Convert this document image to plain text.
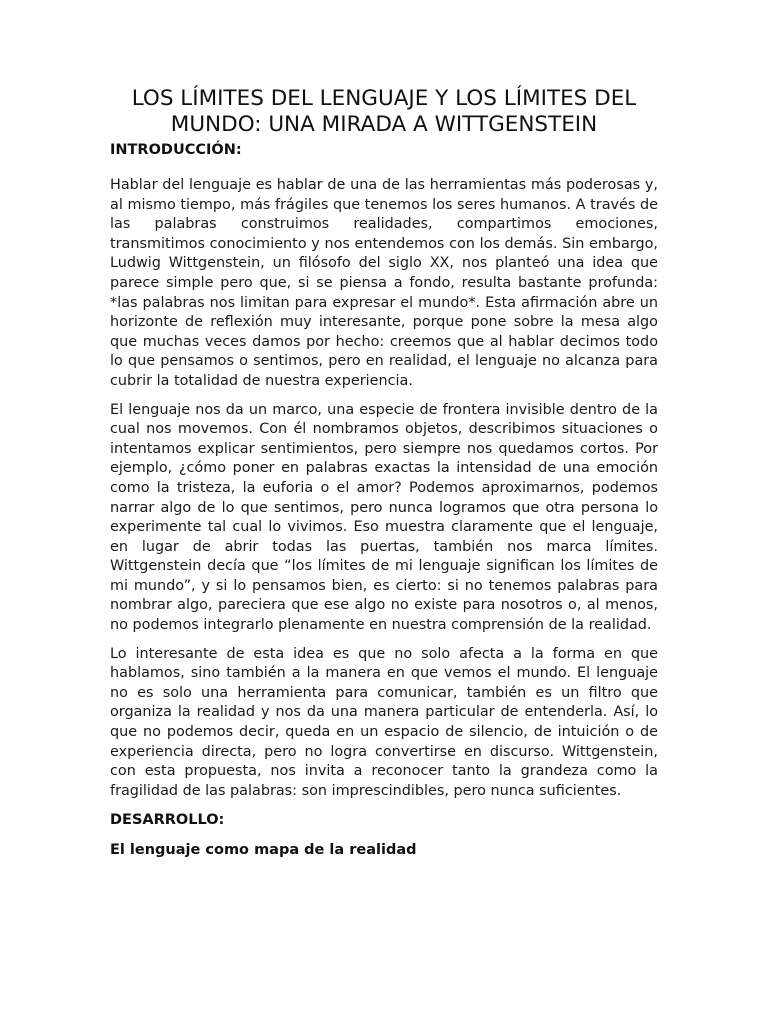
LOS LÍMITES DEL LENGUAJE Y LOS LÍMITES DEL MUNDO: UNA MIRADA A WITTGENSTEIN

INTRODUCCIÓN:

Hablar del lenguaje es hablar de una de las herramientas más poderosas y, al mismo tiempo, más frágiles que tenemos los seres humanos. A través de las palabras construimos realidades, compartimos emociones, transmitimos conocimiento y nos entendemos con los demás. Sin embargo, Ludwig Wittgenstein, un filósofo del siglo XX, nos planteó una idea que parece simple pero que, si se piensa a fondo, resulta bastante profunda: *las palabras nos limitan para expresar el mundo*. Esta afirmación abre un horizonte de reflexión muy interesante, porque pone sobre la mesa algo que muchas veces damos por hecho: creemos que al hablar decimos todo lo que pensamos o sentimos, pero en realidad, el lenguaje no alcanza para cubrir la totalidad de nuestra experiencia.

El lenguaje nos da un marco, una especie de frontera invisible dentro de la cual nos movemos. Con él nombramos objetos, describimos situaciones o intentamos explicar sentimientos, pero siempre nos quedamos cortos. Por ejemplo, ¿cómo poner en palabras exactas la intensidad de una emoción como la tristeza, la euforia o el amor? Podemos aproximarnos, podemos narrar algo de lo que sentimos, pero nunca logramos que otra persona lo experimente tal cual lo vivimos. Eso muestra claramente que el lenguaje, en lugar de abrir todas las puertas, también nos marca límites. Wittgenstein decía que “los límites de mi lenguaje significan los límites de mi mundo”, y si lo pensamos bien, es cierto: si no tenemos palabras para nombrar algo, pareciera que ese algo no existe para nosotros o, al menos, no podemos integrarlo plenamente en nuestra comprensión de la realidad.

Lo interesante de esta idea es que no solo afecta a la forma en que hablamos, sino también a la manera en que vemos el mundo. El lenguaje no es solo una herramienta para comunicar, también es un filtro que organiza la realidad y nos da una manera particular de entenderla. Así, lo que no podemos decir, queda en un espacio de silencio, de intuición o de experiencia directa, pero no logra convertirse en discurso. Wittgenstein, con esta propuesta, nos invita a reconocer tanto la grandeza como la fragilidad de las palabras: son imprescindibles, pero nunca suficientes.

DESARROLLO:

El lenguaje como mapa de la realidad
